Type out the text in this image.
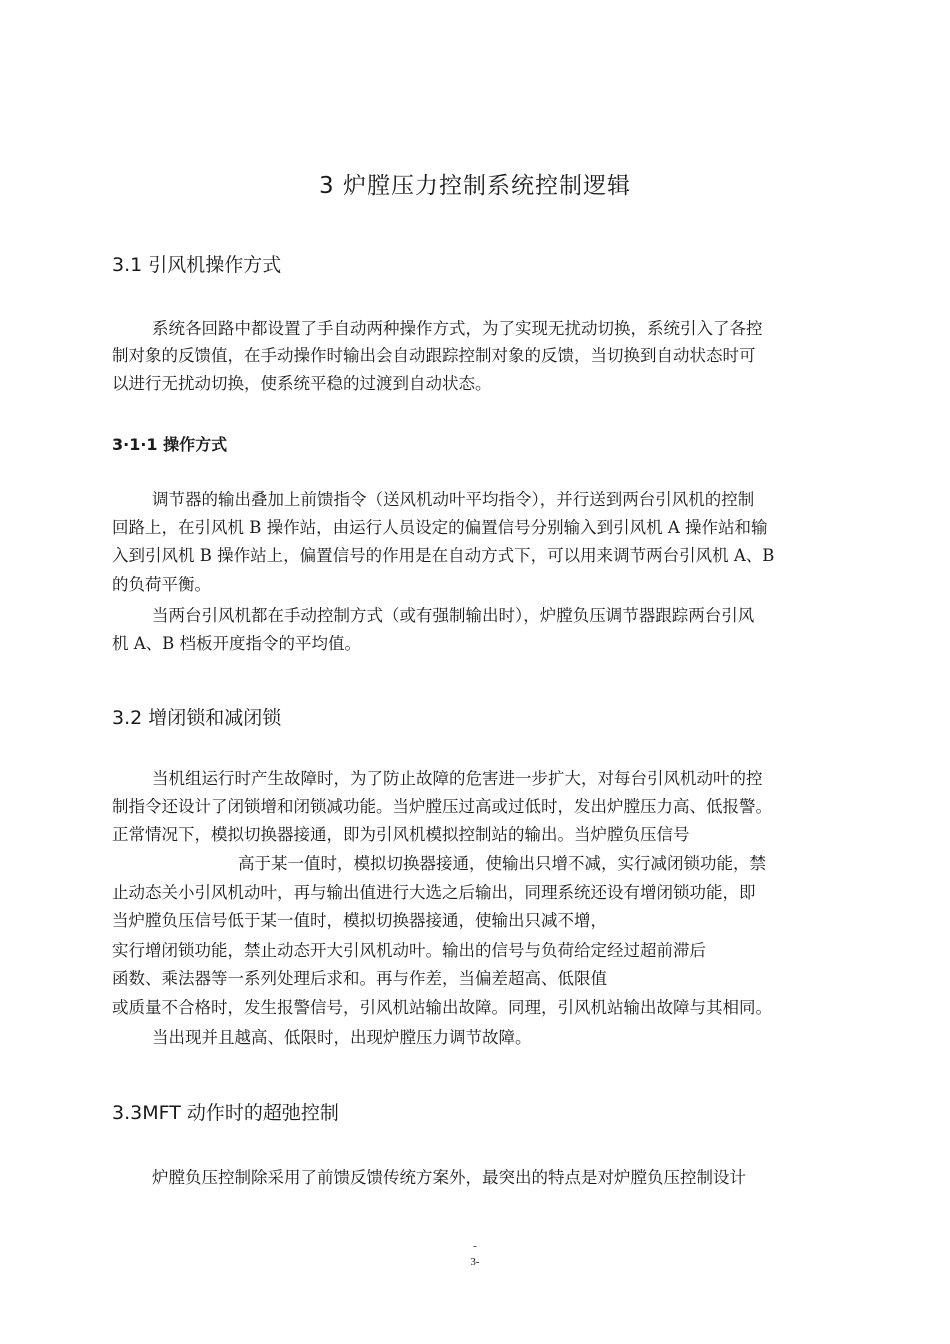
3 炉膛压力控制系统控制逻辑
3.1 引风机操作方式
系统各回路中都设置了手自动两种操作方式，为了实现无扰动切换，系统引入了各控
制对象的反馈值，在手动操作时输出会自动跟踪控制对象的反馈，当切换到自动状态时可
以进行无扰动切换，使系统平稳的过渡到自动状态。
3·1·1 操作方式
调节器的输出叠加上前馈指令（送风机动叶平均指令），并行送到两台引风机的控制
回路上，在引风机 B 操作站，由运行人员设定的偏置信号分别输入到引风机 A 操作站和输
入到引风机 B 操作站上，偏置信号的作用是在自动方式下，可以用来调节两台引风机 A、B
的负荷平衡。
当两台引风机都在手动控制方式（或有强制输出时），炉膛负压调节器跟踪两台引风
机 A、B 档板开度指令的平均值。
3.2 增闭锁和减闭锁
当机组运行时产生故障时，为了防止故障的危害进一步扩大，对每台引风机动叶的控
制指令还设计了闭锁增和闭锁减功能。当炉膛压过高或过低时，发出炉膛压力高、低报警。
正常情况下，模拟切换器接通，即为引风机模拟控制站的输出。当炉膛负压信号
高于某一值时，模拟切换器接通，使输出只增不减，实行减闭锁功能，禁
止动态关小引风机动叶，再与输出值进行大选之后输出，同理系统还设有增闭锁功能，即
当炉膛负压信号低于某一值时，模拟切换器接通，使输出只减不增，
实行增闭锁功能，禁止动态开大引风机动叶。输出的信号与负荷给定经过超前滞后
函数、乘法器等一系列处理后求和。再与作差，当偏差超高、低限值
或质量不合格时，发生报警信号，引风机站输出故障。同理，引风机站输出故障与其相同。
当出现并且越高、低限时，出现炉膛压力调节故障。
3.3MFT 动作时的超弛控制
炉膛负压控制除采用了前馈反馈传统方案外，最突出的特点是对炉膛负压控制设计
-
3-
